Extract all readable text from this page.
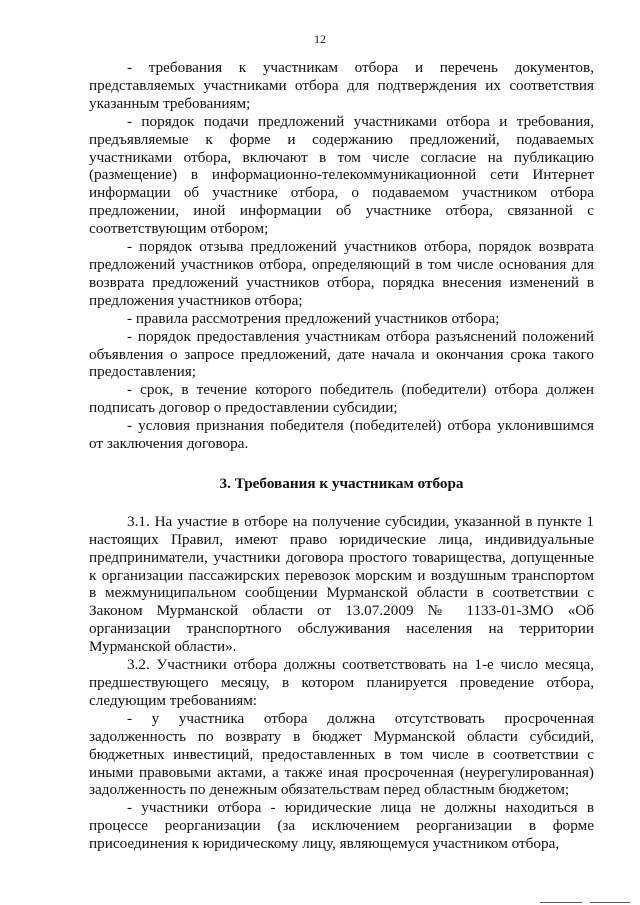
12

- требования к участникам отбора и перечень документов, представляемых участниками отбора для подтверждения их соответствия указанным требованиям;

- порядок подачи предложений участниками отбора и требования, предъявляемые к форме и содержанию предложений, подаваемых участниками отбора, включают в том числе согласие на публикацию (размещение) в информационно-телекоммуникационной сети Интернет информации об участнике отбора, о подаваемом участником отбора предложении, иной информации об участнике отбора, связанной с соответствующим отбором;

- порядок отзыва предложений участников отбора, порядок возврата предложений участников отбора, определяющий в том числе основания для возврата предложений участников отбора, порядка внесения изменений в предложения участников отбора;

- правила рассмотрения предложений участников отбора;

- порядок предоставления участникам отбора разъяснений положений объявления о запросе предложений, дате начала и окончания срока такого предоставления;

- срок, в течение которого победитель (победители) отбора должен подписать договор о предоставлении субсидии;

- условия признания победителя (победителей) отбора уклонившимся от заключения договора.

3. Требования к участникам отбора

3.1. На участие в отборе на получение субсидии, указанной в пункте 1 настоящих Правил, имеют право юридические лица, индивидуальные предприниматели, участники договора простого товарищества, допущенные к организации пассажирских перевозок морским и воздушным транспортом в межмуниципальном сообщении Мурманской области в соответствии с Законом Мурманской области от 13.07.2009 № 1133-01-ЗМО «Об организации транспортного обслуживания населения на территории Мурманской области».

3.2. Участники отбора должны соответствовать на 1-е число месяца, предшествующего месяцу, в котором планируется проведение отбора, следующим требованиям:

- у участника отбора должна отсутствовать просроченная задолженность по возврату в бюджет Мурманской области субсидий, бюджетных инвестиций, предоставленных в том числе в соответствии с иными правовыми актами, а также иная просроченная (неурегулированная) задолженность по денежным обязательствам перед областным бюджетом;

- участники отбора - юридические лица не должны находиться в процессе реорганизации (за исключением реорганизации в форме присоединения к юридическому лицу, являющемуся участником отбора,
